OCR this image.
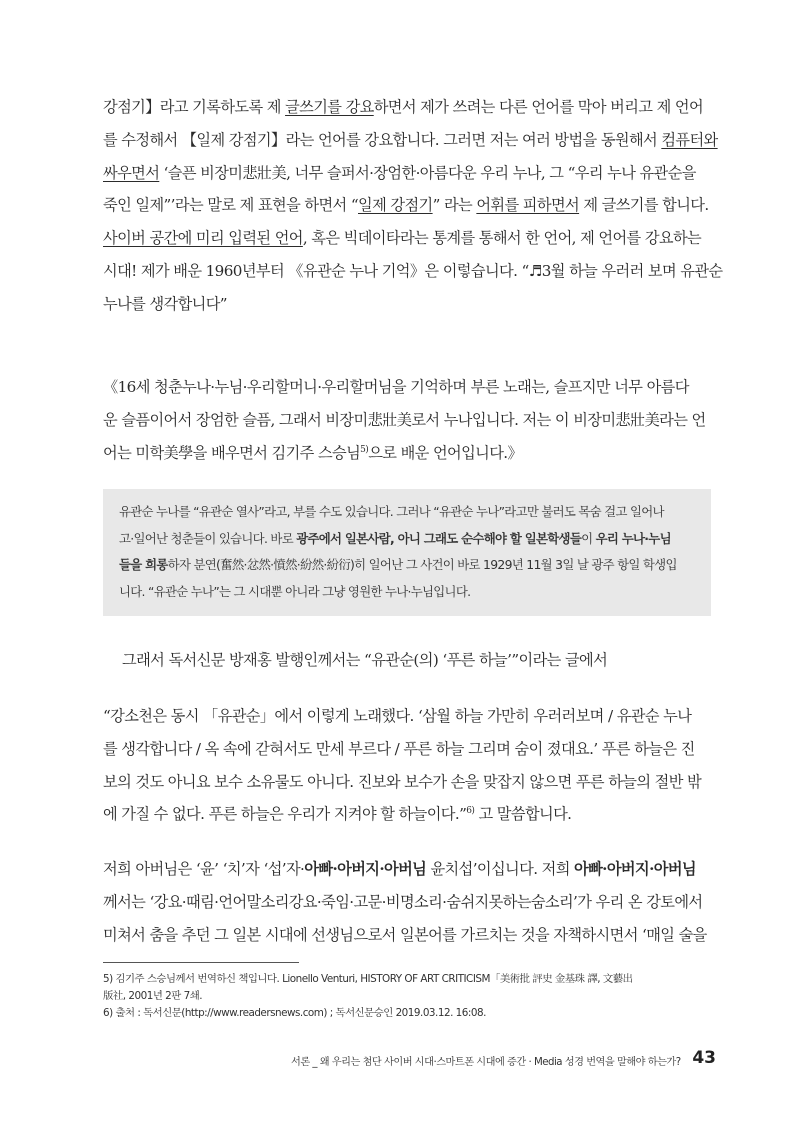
강점기】라고 기록하도록 제 글쓰기를 강요하면서 제가 쓰려는 다른 언어를 막아 버리고 제 언어
를 수정해서 【일제 강점기】라는 언어를 강요합니다. 그러면 저는 여러 방법을 동원해서 컴퓨터와
싸우면서 ‘슬픈 비장미悲壯美, 너무 슬퍼서·장엄한·아름다운 우리 누나, 그 “우리 누나 유관순을
죽인 일제”’라는 말로 제 표현을 하면서 “일제 강점기” 라는 어휘를 피하면서 제 글쓰기를 합니다.
사이버 공간에 미리 입력된 언어, 혹은 빅데이타라는 통계를 통해서 한 언어, 제 언어를 강요하는
시대! 제가 배운 1960년부터 《유관순 누나 기억》은 이렇습니다. “♬3월 하늘 우러러 보며 유관순
누나를 생각합니다”
《16세 청춘누나·누님·우리할머니·우리할머님을 기억하며 부른 노래는, 슬프지만 너무 아름다
운 슬픔이어서 장엄한 슬픔, 그래서 비장미悲壯美로서 누나입니다. 저는 이 비장미悲壯美라는 언
어는 미학美學을 배우면서 김기주 스승님$^{5)}$으로 배운 언어입니다.》
유관순 누나를 “유관순 열사”라고, 부를 수도 있습니다. 그러나 “유관순 누나”라고만 불러도 목숨 걸고 일어나
고·일어난 청춘들이 있습니다. 바로 광주에서 일본사람, 아니 그래도 순수해야 할 일본학생들이 우리 누나·누님
들을 희롱하자 분연(奮然·忿然·憤然·紛然·紛衍)히 일어난 그 사건이 바로 1929년 11월 3일 날 광주 항일 학생입
니다. “유관순 누나”는 그 시대뿐 아니라 그냥 영원한 누나·누님입니다.
그래서 독서신문 방재홍 발행인께서는 “유관순(의) ‘푸른 하늘’”이라는 글에서
“강소천은 동시 「유관순」에서 이렇게 노래했다. ‘삼월 하늘 가만히 우러러보며 / 유관순 누나
를 생각합니다 / 옥 속에 갇혀서도 만세 부르다 / 푸른 하늘 그리며 숨이 졌대요.’ 푸른 하늘은 진
보의 것도 아니요 보수 소유물도 아니다. 진보와 보수가 손을 맞잡지 않으면 푸른 하늘의 절반 밖
에 가질 수 없다. 푸른 하늘은 우리가 지켜야 할 하늘이다.”$^{6)}$ 고 말씀합니다.
저희 아버님은 ‘윤’ ‘치’자 ‘섭’자·아빠·아버지·아버님 윤치섭’이십니다. 저희 아빠·아버지·아버님
께서는 ‘강요·때림·언어말소리강요·죽임·고문·비명소리·숨쉬지못하는숨소리’가 우리 온 강토에서
미쳐서 춤을 추던 그 일본 시대에 선생님으로서 일본어를 가르치는 것을 자책하시면서 ‘매일 술을
5) 김기주 스승님께서 번역하신 책입니다. Lionello Venturi, HISTORY OF ART CRITICISM「美術批 評史 金基珠 譯, 文藝出
版社, 2001년 2판 7쇄.
6) 출처 : 독서신문(http://www.readersnews.com) ; 독서신문승인 2019.03.12. 16:08.
서론 _ 왜 우리는 첨단 사이버 시대·스마트폰 시대에 증간 · Media 성경 번역을 말해야 하는가? 43
